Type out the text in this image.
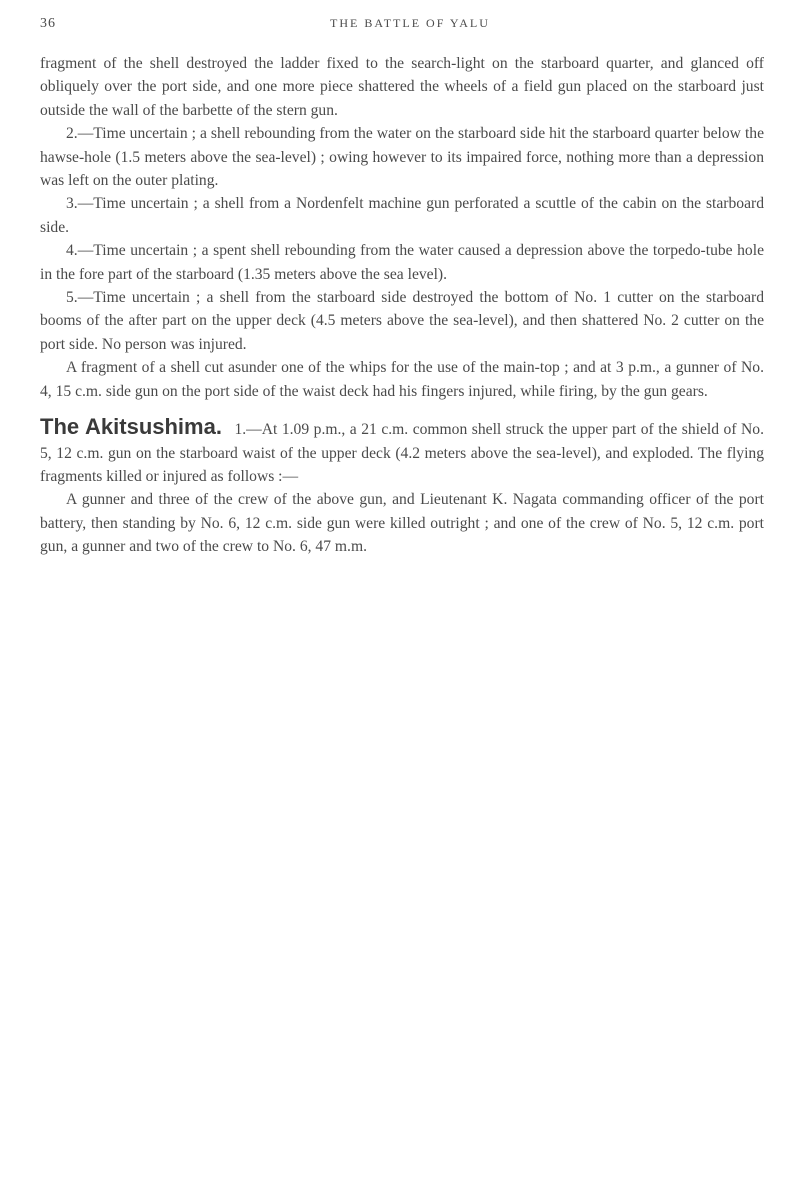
36	THE BATTLE OF YALU

fragment of the shell destroyed the ladder fixed to the search-light on the starboard quarter, and glanced off obliquely over the port side, and one more piece shattered the wheels of a field gun placed on the starboard just outside the wall of the barbette of the stern gun.

2.—Time uncertain ; a shell rebounding from the water on the starboard side hit the starboard quarter below the hawse-hole (1.5 meters above the sea-level) ; owing however to its impaired force, nothing more than a depression was left on the outer plating.

3.—Time uncertain ; a shell from a Nordenfelt machine gun perforated a scuttle of the cabin on the starboard side.

4.—Time uncertain ; a spent shell rebounding from the water caused a depression above the torpedo-tube hole in the fore part of the starboard (1.35 meters above the sea level).

5.—Time uncertain ; a shell from the starboard side destroyed the bottom of No. 1 cutter on the starboard booms of the after part on the upper deck (4.5 meters above the sea-level), and then shattered No. 2 cutter on the port side. No person was injured.

A fragment of a shell cut asunder one of the whips for the use of the main-top ; and at 3 p.m., a gunner of No. 4, 15 c.m. side gun on the port side of the waist deck had his fingers injured, while firing, by the gun gears.

The Akitsushima. 1.—At 1.09 p.m., a 21 c.m. common shell struck the upper part of the shield of No. 5, 12 c.m. gun on the starboard waist of the upper deck (4.2 meters above the sea-level), and exploded. The flying fragments killed or injured as follows :—

A gunner and three of the crew of the above gun, and Lieutenant K. Nagata commanding officer of the port battery, then standing by No. 6, 12 c.m. side gun were killed outright ; and one of the crew of No. 5, 12 c.m. port gun, a gunner and two of the crew to No. 6, 47 m.m.
